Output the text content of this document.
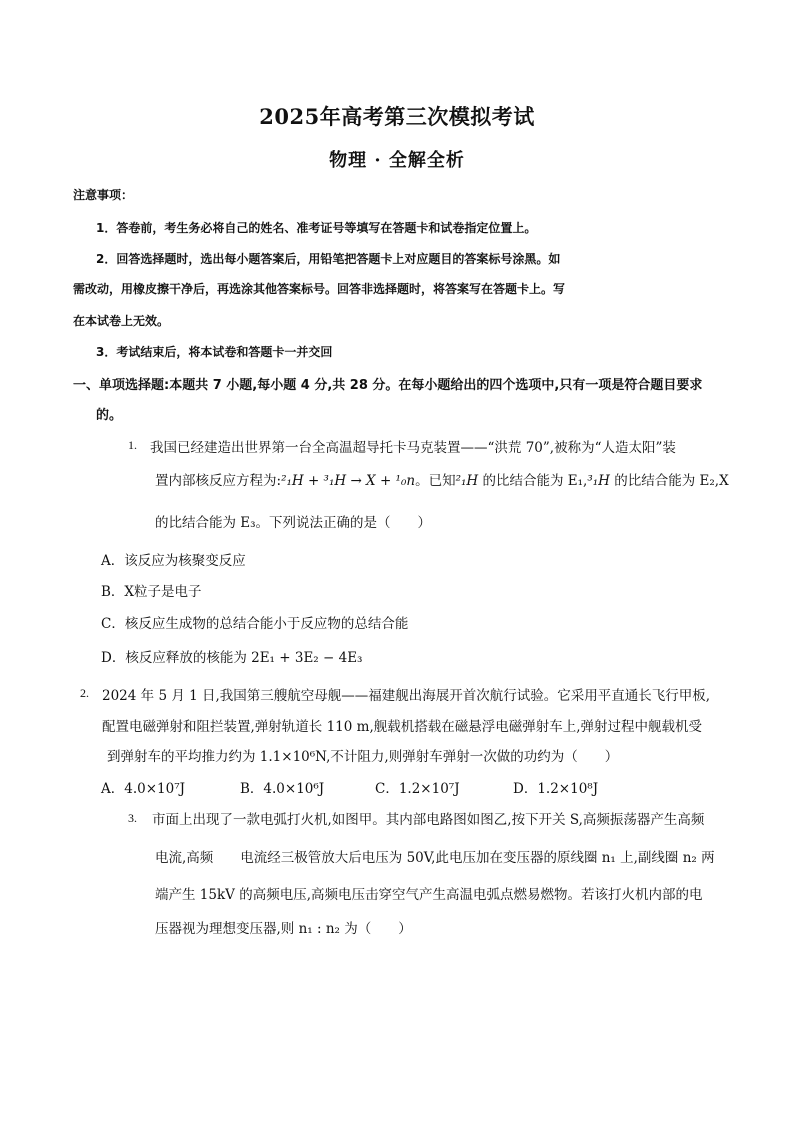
2025年高考第三次模拟考试
物理 · 全解全析
注意事项：
1．答卷前，考生务必将自己的姓名、准考证号等填写在答题卡和试卷指定位置上。
2．回答选择题时，选出每小题答案后，用铅笔把答题卡上对应题目的答案标号涂黑。如
需改动，用橡皮擦干净后，再选涂其他答案标号。回答非选择题时，将答案写在答题卡上。写
在本试卷上无效。
3．考试结束后，将本试卷和答题卡一并交回
一、单项选择题:本题共 7 小题,每小题 4 分,共 28 分。在每小题给出的四个选项中,只有一项是符合题目要求
的。
1. 我国已经建造出世界第一台全高温超导托卡马克装置——“洪荒 70”,被称为“人造太阳”装
置内部核反应方程为:²₁H + ³₁H → X + ¹₀n。已知²₁H 的比结合能为 E₁,³₁H 的比结合能为 E₂,X
的比结合能为 E₃。下列说法正确的是（　　）
A．该反应为核聚变反应
B．X粒子是电子
C．核反应生成物的总结合能小于反应物的总结合能
D．核反应释放的核能为 2E₁ + 3E₂ − 4E₃
2. 2024 年 5 月 1 日,我国第三艘航空母舰——福建舰出海展开首次航行试验。它采用平直通长飞行甲板,
配置电磁弹射和阻拦装置,弹射轨道长 110 m,舰载机搭载在磁悬浮电磁弹射车上,弹射过程中舰载机受
到弹射车的平均推力约为 1.1×10⁶N,不计阻力,则弹射车弹射一次做的功约为（　　）
A．4.0×10⁷J	B．4.0×10⁶J	C．1.2×10⁷J	D．1.2×10⁸J
3. 市面上出现了一款电弧打火机,如图甲。其内部电路图如图乙,按下开关 S,高频振荡器产生高频
电流,高频　　电流经三极管放大后电压为 50V,此电压加在变压器的原线圈 n₁ 上,副线圈 n₂ 两
端产生 15kV 的高频电压,高频电压击穿空气产生高温电弧点燃易燃物。若该打火机内部的电
压器视为理想变压器,则 n₁ : n₂ 为（　　）
